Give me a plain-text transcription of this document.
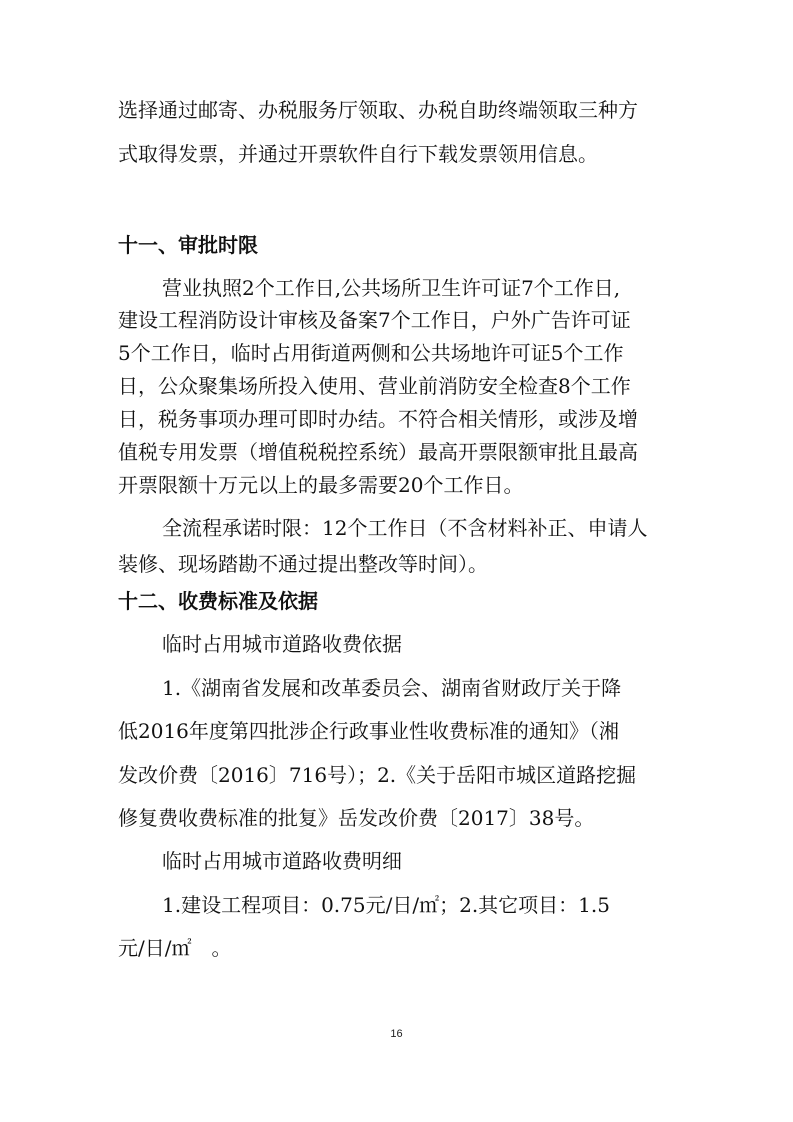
选择通过邮寄、办税服务厅领取、办税自助终端领取三种方
式取得发票，并通过开票软件自行下载发票领用信息。
十一、审批时限
营业执照2个工作日,公共场所卫生许可证7个工作日,
建设工程消防设计审核及备案7个工作日，户外广告许可证
5个工作日，临时占用街道两侧和公共场地许可证5个工作
日，公众聚集场所投入使用、营业前消防安全检查8个工作
日，税务事项办理可即时办结。不符合相关情形，或涉及增
值税专用发票（增值税税控系统）最高开票限额审批且最高
开票限额十万元以上的最多需要20个工作日。
全流程承诺时限：12个工作日（不含材料补正、申请人
装修、现场踏勘不通过提出整改等时间）。
十二、收费标准及依据
临时占用城市道路收费依据
1.《湖南省发展和改革委员会、湖南省财政厅关于降
低2016年度第四批涉企行政事业性收费标准的通知》（湘
发改价费〔2016〕716号）；2.《关于岳阳市城区道路挖掘
修复费收费标准的批复》岳发改价费〔2017〕38号。
临时占用城市道路收费明细
1.建设工程项目：0.75元/日/㎡；2.其它项目：1.5
元/日/㎡　。
16
